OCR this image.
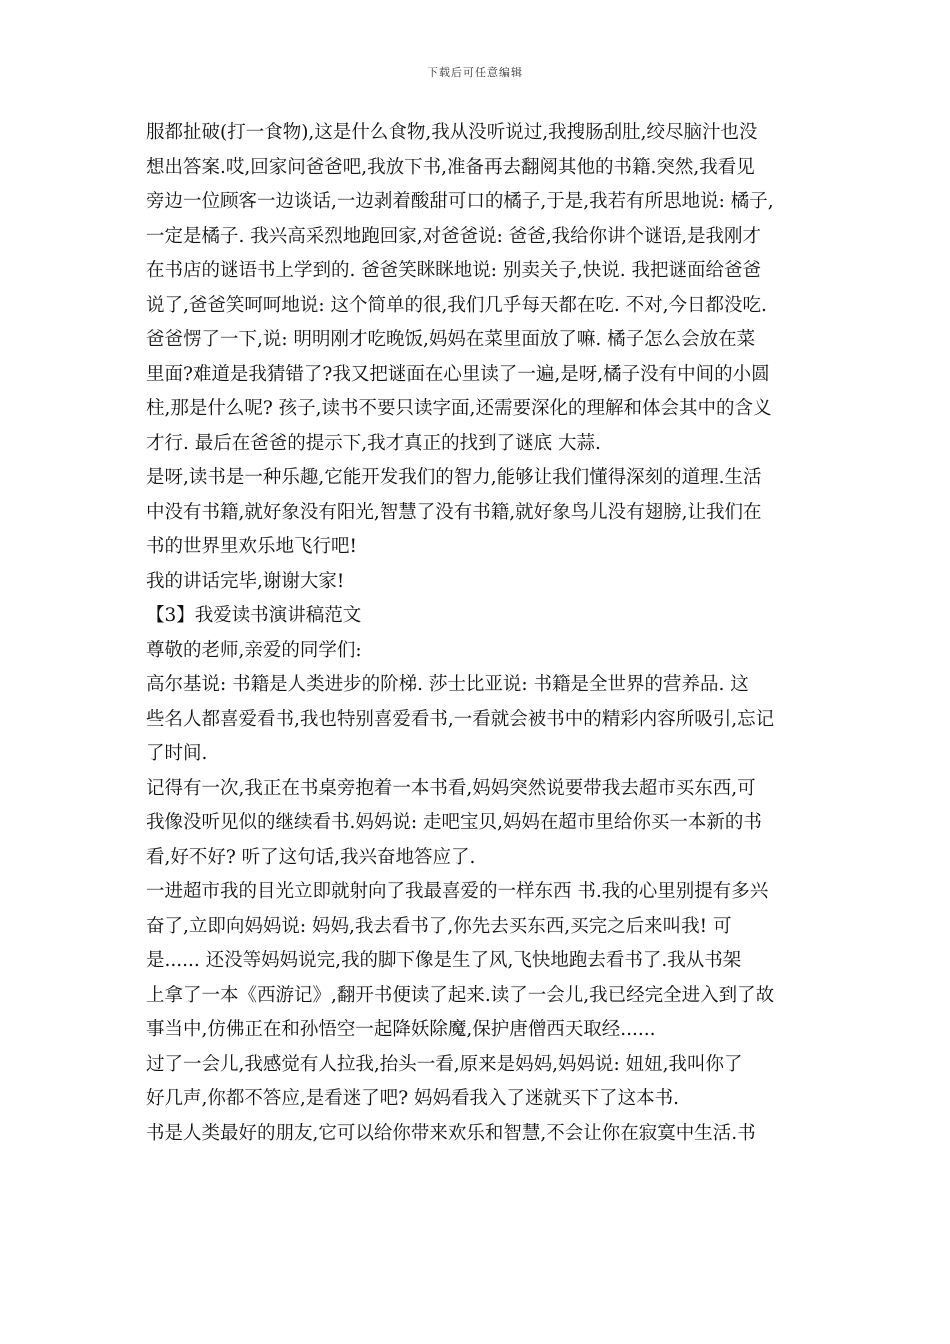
下载后可任意编辑
服都扯破(打一食物),这是什么食物,我从没听说过,我搜肠刮肚,绞尽脑汁也没
想出答案.哎,回家问爸爸吧,我放下书,准备再去翻阅其他的书籍.突然,我看见
旁边一位顾客一边谈话,一边剥着酸甜可口的橘子,于是,我若有所思地说: 橘子,
一定是橘子. 我兴高采烈地跑回家,对爸爸说: 爸爸,我给你讲个谜语,是我刚才
在书店的谜语书上学到的. 爸爸笑眯眯地说: 别卖关子,快说. 我把谜面给爸爸
说了,爸爸笑呵呵地说: 这个简单的很,我们几乎每天都在吃. 不对,今日都没吃.
爸爸愣了一下,说: 明明刚才吃晚饭,妈妈在菜里面放了嘛. 橘子怎么会放在菜
里面?难道是我猜错了?我又把谜面在心里读了一遍,是呀,橘子没有中间的小圆
柱,那是什么呢? 孩子,读书不要只读字面,还需要深化的理解和体会其中的含义
才行. 最后在爸爸的提示下,我才真正的找到了谜底 大蒜.
是呀,读书是一种乐趣,它能开发我们的智力,能够让我们懂得深刻的道理.生活
中没有书籍,就好象没有阳光,智慧了没有书籍,就好象鸟儿没有翅膀,让我们在
书的世界里欢乐地飞行吧!
我的讲话完毕,谢谢大家!
【3】我爱读书演讲稿范文
尊敬的老师,亲爱的同学们:
高尔基说: 书籍是人类进步的阶梯. 莎士比亚说: 书籍是全世界的营养品. 这
些名人都喜爱看书,我也特别喜爱看书,一看就会被书中的精彩内容所吸引,忘记
了时间.
记得有一次,我正在书桌旁抱着一本书看,妈妈突然说要带我去超市买东西,可
我像没听见似的继续看书.妈妈说: 走吧宝贝,妈妈在超市里给你买一本新的书
看,好不好? 听了这句话,我兴奋地答应了.
一进超市我的目光立即就射向了我最喜爱的一样东西 书.我的心里别提有多兴
奋了,立即向妈妈说: 妈妈,我去看书了,你先去买东西,买完之后来叫我! 可
是...... 还没等妈妈说完,我的脚下像是生了风,飞快地跑去看书了.我从书架
上拿了一本《西游记》,翻开书便读了起来.读了一会儿,我已经完全进入到了故
事当中,仿佛正在和孙悟空一起降妖除魔,保护唐僧西天取经......
过了一会儿,我感觉有人拉我,抬头一看,原来是妈妈,妈妈说: 妞妞,我叫你了
好几声,你都不答应,是看迷了吧? 妈妈看我入了迷就买下了这本书.
书是人类最好的朋友,它可以给你带来欢乐和智慧,不会让你在寂寞中生活.书
